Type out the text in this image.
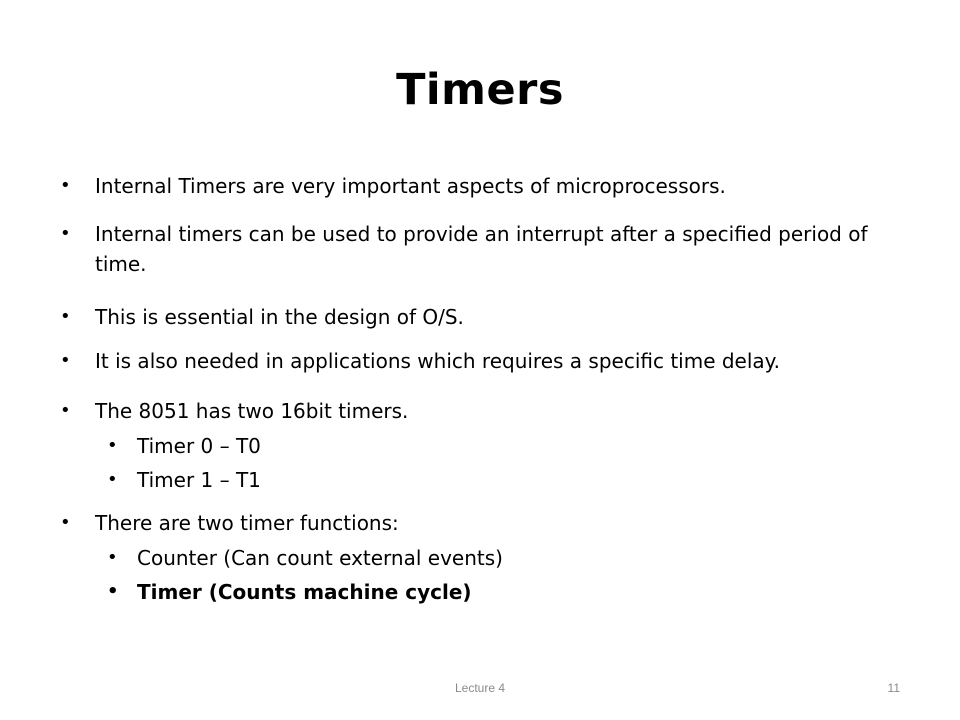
Timers
• Internal Timers are very important aspects of microprocessors.
• Internal timers can be used to provide an interrupt after a specified period of time.
• This is essential in the design of O/S.
• It is also needed in applications which requires a specific time delay.
• The 8051 has two 16bit timers.
• Timer 0 – T0
• Timer 1 – T1
• There are two timer functions:
• Counter (Can count external events)
• Timer (Counts machine cycle)
Lecture 4	11
